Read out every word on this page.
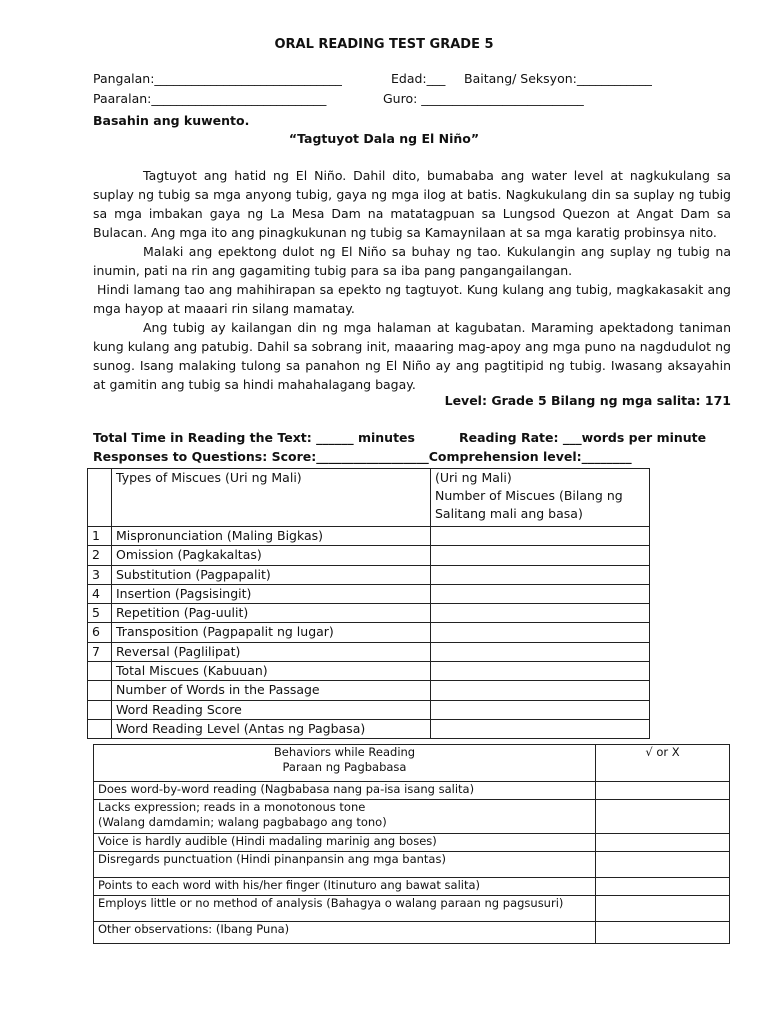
ORAL READING TEST GRADE 5
Pangalan:______________________________	Edad:___ Baitang/ Seksyon:____________
Paaralan:____________________________	Guro: __________________________
Basahin ang kuwento.
“Tagtuyot Dala ng El Niño”
Tagtuyot ang hatid ng El Niño. Dahil dito, bumababa ang water level at nagkukulang sa suplay ng tubig sa mga anyong tubig, gaya ng mga ilog at batis. Nagkukulang din sa suplay ng tubig sa mga imbakan gaya ng La Mesa Dam na matatagpuan sa Lungsod Quezon at Angat Dam sa Bulacan. Ang mga ito ang pinagkukunan ng tubig sa Kamaynilaan at sa mga karatig probinsya nito.
Malaki ang epektong dulot ng El Niño sa buhay ng tao. Kukulangin ang suplay ng tubig na inumin, pati na rin ang gagamiting tubig para sa iba pang pangangailangan.
Hindi lamang tao ang mahihirapan sa epekto ng tagtuyot. Kung kulang ang tubig, magkakasakit ang mga hayop at maaari rin silang mamatay.
Ang tubig ay kailangan din ng mga halaman at kagubatan. Maraming apektadong taniman kung kulang ang patubig. Dahil sa sobrang init, maaaring mag-apoy ang mga puno na nagdudulot ng sunog. Isang malaking tulong sa panahon ng El Niño ay ang pagtitipid ng tubig. Iwasang aksayahin at gamitin ang tubig sa hindi mahahalagang bagay.
Level: Grade 5 Bilang ng mga salita: 171
Total Time in Reading the Text: ______ minutes	Reading Rate: ___words per minute
Responses to Questions: Score:__________________Comprehension level:________
	Types of Miscues (Uri ng Mali)	(Uri ng Mali)
Number of Miscues (Bilang ng
Salitang mali ang basa)

1	Mispronunciation (Maling Bigkas)	
2	Omission (Pagkakaltas)	
3	Substitution (Pagpapalit)	
4	Insertion (Pagsisingit)	
5	Repetition (Pag-uulit)	
6	Transposition (Pagpapalit ng lugar)	
7	Reversal (Paglilipat)	
	Total Miscues (Kabuuan)	
	Number of Words in the Passage	
	Word Reading Score	
	Word Reading Level (Antas ng Pagbasa)	
Behaviors while Reading
Paraan ng Pagbabasa	√ or X

Does word-by-word reading (Nagbabasa nang pa-isa isang salita)	

Lacks expression; reads in a monotonous tone
(Walang damdamin; walang pagbabago ang tono)	

Voice is hardly audible (Hindi madaling marinig ang boses)	

Disregards punctuation (Hindi pinanpansin ang mga bantas)	

Points to each word with his/her finger (Itinuturo ang bawat salita)	

Employs little or no method of analysis (Bahagya o walang paraan ng pagsusuri)	

Other observations: (Ibang Puna)	
